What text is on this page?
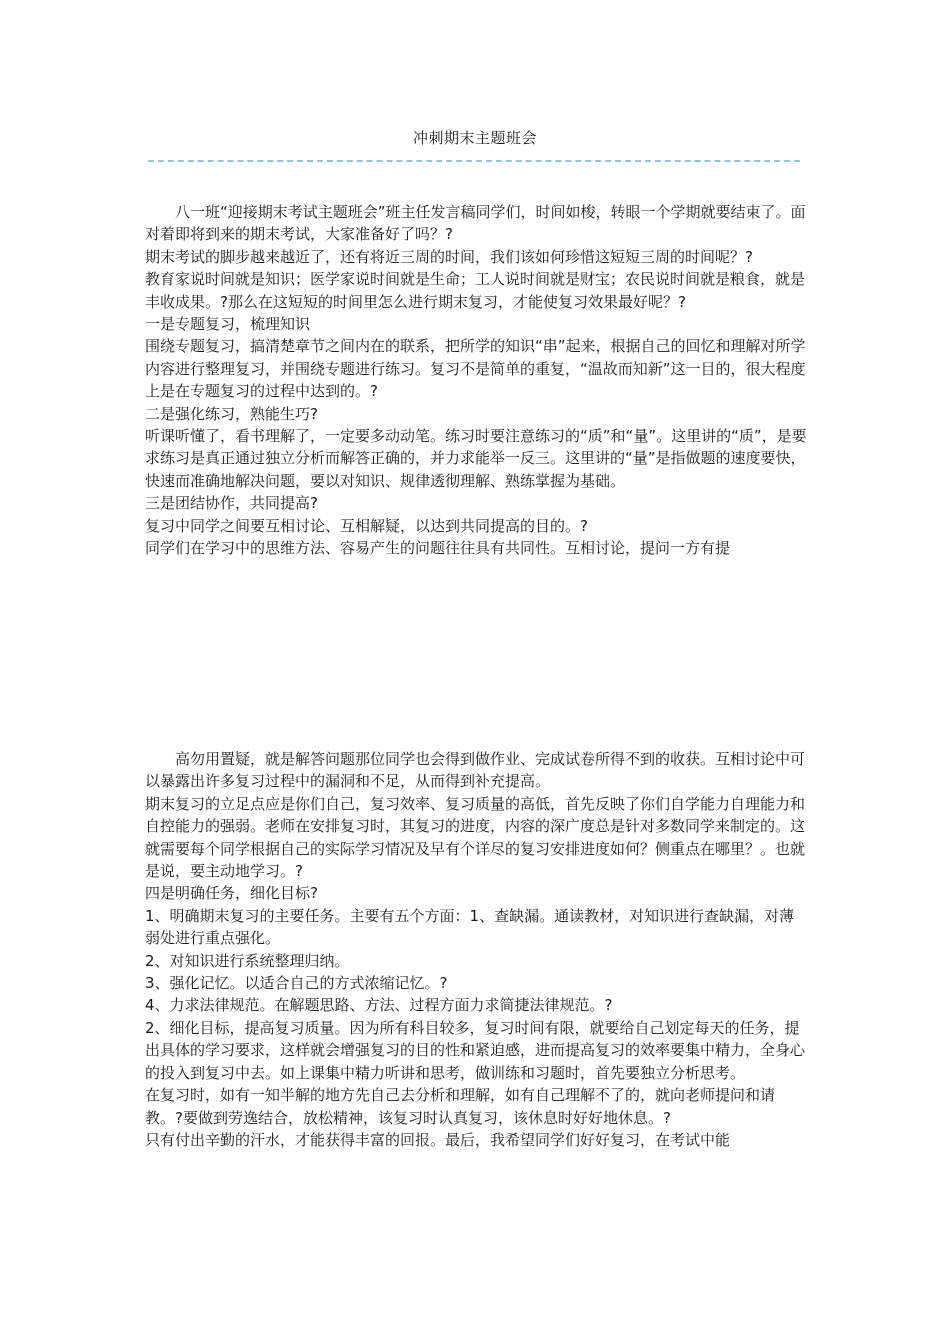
冲刺期末主题班会

八一班“迎接期末考试主题班会”班主任发言稿同学们，时间如梭，转眼一个学期就要结束了。面对着即将到来的期末考试，大家准备好了吗？?

期末考试的脚步越来越近了，还有将近三周的时间，我们该如何珍惜这短短三周的时间呢？?

教育家说时间就是知识；医学家说时间就是生命；工人说时间就是财宝；农民说时间就是粮食，就是丰收成果。?那么在这短短的时间里怎么进行期末复习，才能使复习效果最好呢？?

一是专题复习，梳理知识

围绕专题复习，搞清楚章节之间内在的联系，把所学的知识“串”起来，根据自己的回忆和理解对所学内容进行整理复习，并围绕专题进行练习。复习不是简单的重复，“温故而知新”这一目的，很大程度上是在专题复习的过程中达到的。?

二是强化练习，熟能生巧?

听课听懂了，看书理解了，一定要多动动笔。练习时要注意练习的“质”和“量”。这里讲的“质”，是要求练习是真正通过独立分析而解答正确的，并力求能举一反三。这里讲的“量”是指做题的速度要快，快速而准确地解决问题，要以对知识、规律透彻理解、熟练掌握为基础。

三是团结协作，共同提高?

复习中同学之间要互相讨论、互相解疑，以达到共同提高的目的。?

同学们在学习中的思维方法、容易产生的问题往往具有共同性。互相讨论，提问一方有提

高勿用置疑，就是解答问题那位同学也会得到做作业、完成试卷所得不到的收获。互相讨论中可以暴露出许多复习过程中的漏洞和不足，从而得到补充提高。

期末复习的立足点应是你们自己，复习效率、复习质量的高低，首先反映了你们自学能力自理能力和自控能力的强弱。老师在安排复习时，其复习的进度，内容的深广度总是针对多数同学来制定的。这就需要每个同学根据自己的实际学习情况及早有个详尽的复习安排进度如何？侧重点在哪里？。也就是说，要主动地学习。?

四是明确任务，细化目标?

1、明确期末复习的主要任务。主要有五个方面：1、查缺漏。通读教材，对知识进行查缺漏，对薄弱处进行重点强化。

2、对知识进行系统整理归纳。

3、强化记忆。以适合自己的方式浓缩记忆。?

4、力求法律规范。在解题思路、方法、过程方面力求简捷法律规范。?

2、细化目标，提高复习质量。因为所有科目较多，复习时间有限，就要给自己划定每天的任务，提出具体的学习要求，这样就会增强复习的目的性和紧迫感，进而提高复习的效率要集中精力，全身心的投入到复习中去。如上课集中精力听讲和思考，做训练和习题时，首先要独立分析思考。

在复习时，如有一知半解的地方先自己去分析和理解，如有自己理解不了的，就向老师提问和请教。?要做到劳逸结合，放松精神，该复习时认真复习，该休息时好好地休息。?

只有付出辛勤的汗水，才能获得丰富的回报。最后，我希望同学们好好复习，在考试中能
